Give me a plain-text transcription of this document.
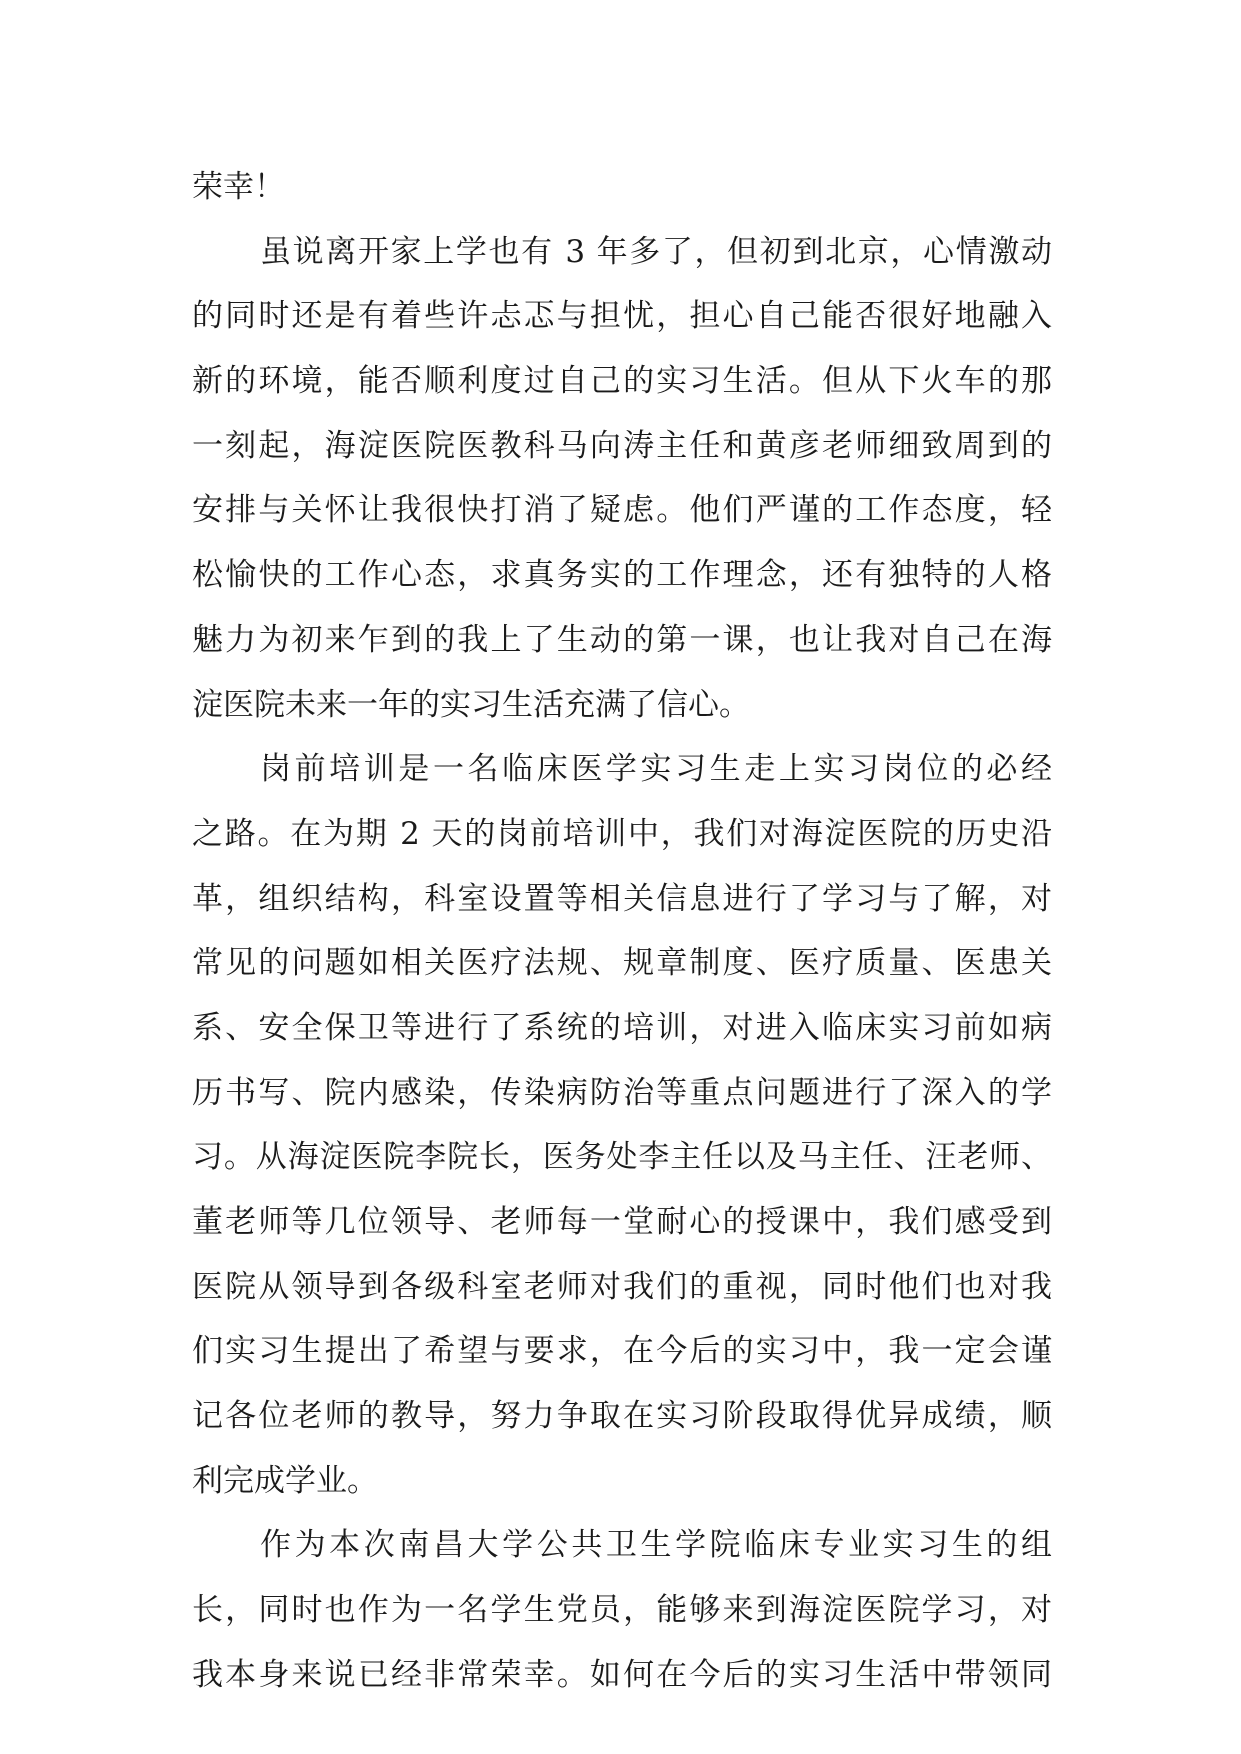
荣幸！
虽说离开家上学也有 3 年多了，但初到北京，心情激动
的同时还是有着些许忐忑与担忧，担心自己能否很好地融入
新的环境，能否顺利度过自己的实习生活。但从下火车的那
一刻起，海淀医院医教科马向涛主任和黄彦老师细致周到的
安排与关怀让我很快打消了疑虑。他们严谨的工作态度，轻
松愉快的工作心态，求真务实的工作理念，还有独特的人格
魅力为初来乍到的我上了生动的第一课，也让我对自己在海
淀医院未来一年的实习生活充满了信心。
岗前培训是一名临床医学实习生走上实习岗位的必经
之路。在为期 2 天的岗前培训中，我们对海淀医院的历史沿
革，组织结构，科室设置等相关信息进行了学习与了解，对
常见的问题如相关医疗法规、规章制度、医疗质量、医患关
系、安全保卫等进行了系统的培训，对进入临床实习前如病
历书写、院内感染，传染病防治等重点问题进行了深入的学
习。从海淀医院李院长，医务处李主任以及马主任、汪老师、
董老师等几位领导、老师每一堂耐心的授课中，我们感受到
医院从领导到各级科室老师对我们的重视，同时他们也对我
们实习生提出了希望与要求，在今后的实习中，我一定会谨
记各位老师的教导，努力争取在实习阶段取得优异成绩，顺
利完成学业。
作为本次南昌大学公共卫生学院临床专业实习生的组
长，同时也作为一名学生党员，能够来到海淀医院学习，对
我本身来说已经非常荣幸。如何在今后的实习生活中带领同
